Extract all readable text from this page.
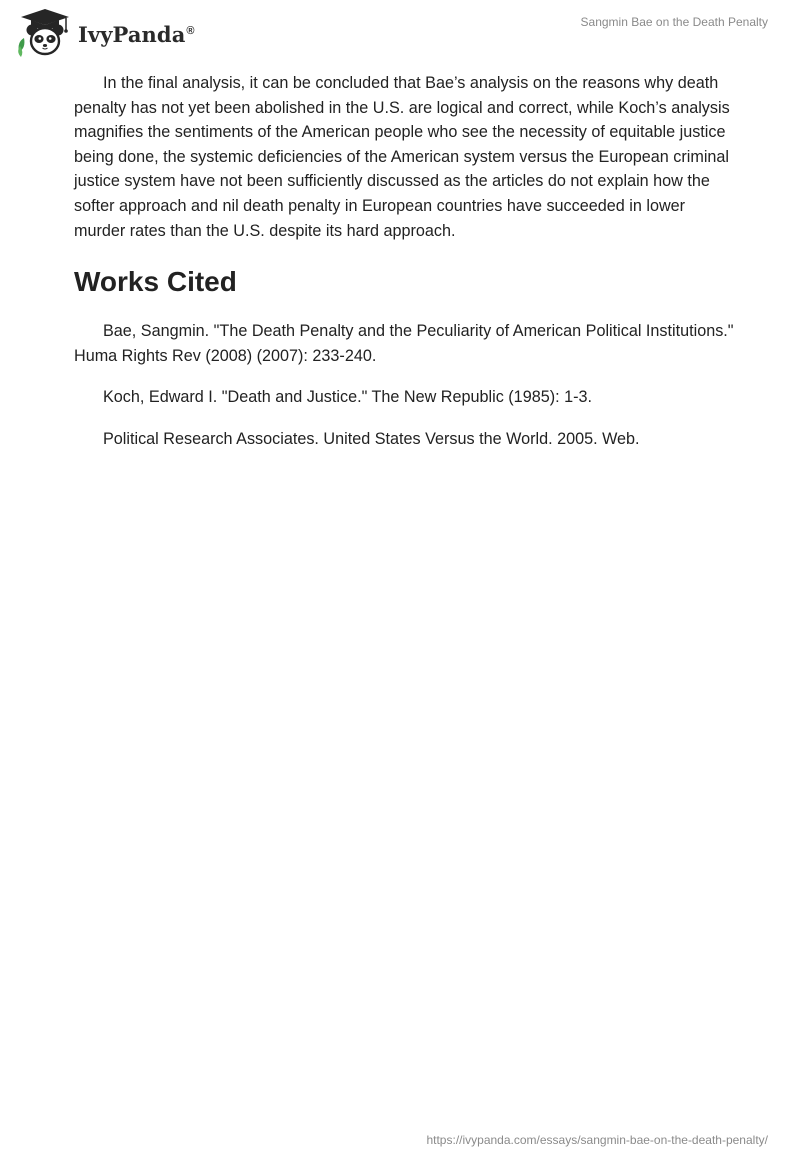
IvyPanda®
Sangmin Bae on the Death Penalty

In the final analysis, it can be concluded that Bae’s analysis on the reasons why death penalty has not yet been abolished in the U.S. are logical and correct, while Koch’s analysis magnifies the sentiments of the American people who see the necessity of equitable justice being done, the systemic deficiencies of the American system versus the European criminal justice system have not been sufficiently discussed as the articles do not explain how the softer approach and nil death penalty in European countries have succeeded in lower murder rates than the U.S. despite its hard approach.

Works Cited

Bae, Sangmin. "The Death Penalty and the Peculiarity of American Political Institutions." Huma Rights Rev (2008) (2007): 233-240.

Koch, Edward I. "Death and Justice." The New Republic (1985): 1-3.

Political Research Associates. United States Versus the World. 2005. Web.

https://ivypanda.com/essays/sangmin-bae-on-the-death-penalty/
